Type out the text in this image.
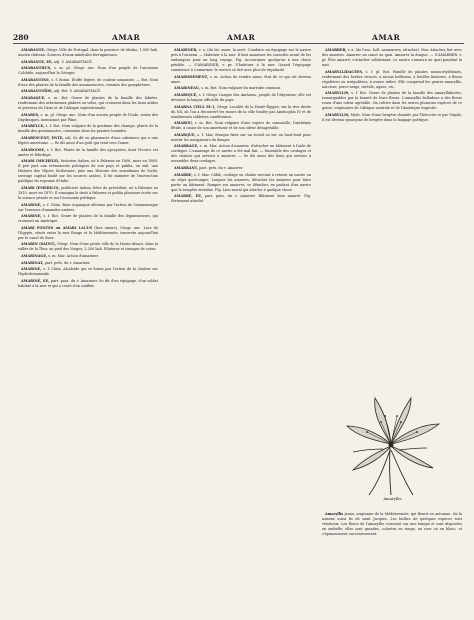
280	AMAR	AMAR	AMAR

AMARANTE. Géogr. Ville de Portugal, dans la province de Minho; 1.500 hab. Ancien château. Sources d'eaux minérales ferrugineuses.

AMARANTE, EE, adj. V. AMARANTACÉ.

AMARANTHUS, s. m. pl. Géogr. anc. Nom d'un peuple de l'ancienne Colchide, aujourd'hui la Géorgie.

AMARANTINE, s. f. Botan. Étoffe légère, de couleur amarante. — Bot. Nom d'une des plantes de la famille des amarantacées, voisines des gomphrènes.

AMARANTOÏDE, adj. Bot. V. AMARANTACÉ.

AMARAQUE, s. m. Bot. Genre de plantes de la famille des labiées, renfermant des arbrisseaux glabres ou velus, qui croissent dans les lieux arides et pierreux de l'Asie et de l'Afrique septentrionale.

AMARES, s. m. pl. Géogr. anc. Nom d'un ancien peuple de l'Inde, voisin des Oxydraques, mentionné par Pline.

AMARELLE, s. f. Bot. Nom vulgaire de la gentiane des champs, plante de la famille des gentianacées, commune dans les prairies humides.

AMARESCENT, ENTE, adj. Se dit en pharmacie d'une substance qui a une légère amertume. — Se dit aussi d'un goût qui tend vers l'amer.

AMARGOSE, s. f. Bot. Plante de la famille des apocynées, dont l'écorce est amère et fébrifuge.

AMARI (MICHELE), historien italien, né à Palerme en 1806, mort en 1889. Il prit part aux événements politiques de son pays et publia, en exil, une Histoire des Vêpres Siciliennes, puis une Histoire des musulmans de Sicile, ouvrage capital fondé sur les sources arabes. Il fut ministre de l'instruction publique du royaume d'Italie.

AMARI (EMERICO), publiciste italien, frère du précédent, né à Palerme en 1810, mort en 1870. Il enseigna le droit à Palerme et publia plusieurs écrits sur la science pénale et sur l'économie politique.

AMARINE, s. f. Chim. Base organique obtenue par l'action de l'ammoniaque sur l'essence d'amandes amères.

AMARINE, s. f. Bot. Genre de plantes de la famille des légumineuses, qui croissent en Amérique.

AMARI FONTES ou AMARI LACUS (lacs amers), Géogr. anc. Lacs de l'Égypte, situés entre la mer Rouge et la Méditerranée, traversés aujourd'hui par le canal de Suez.

AMARIN (SAINT), Géogr. Nom d'une petite ville de la Haute-Alsace, dans la vallée de la Thur, au pied des Vosges; 2.200 hab. Filatures et tissages de coton.

AMARINAGE, s. m. Mar. Action d'amariner.

AMARINAT, part. prés. du v. Amariner.

AMARINE, s. f. Chim. Alcaloïde qui se forme par l'action de la chaleur sur l'hydrobenzamide.

AMARINÉ, EE, part. pass. du v. Amariner. Se dit d'un équipage, d'un soldat habitué à la mer et qui a cessé d'en souffrir.

AMARINER, v. a. (du lat. mare, la mer). Conduire un équipage sur le navire pris à l'ennemi. — Habituer à la mer. Il faut amariner les conscrits avant de les embarquer pour un long voyage. Fig. Accoutumer quelqu'un à une chose pénible. — S'AMARINER, v. pr. S'habituer à la mer. Quand l'équipage commence à s'amariner, le service se fait avec plus de régularité.

AMARISSEMENT, s. m. Action de rendre amer; état de ce qui est devenu amer.

AMARINEAU, s. m. Bot. Nom vulgaire du marrube commun.

AMARIQUE, s. f. Géogr. Langue des Amharas, peuple de l'Abyssinie; elle est devenue la langue officielle du pays.

AMARNA (TELL EL-), Géogr. Localité de la Haute-Égypte, sur la rive droite du Nil, où l'on a découvert les ruines de la ville fondée par Aménophis IV et de nombreuses tablettes cunéiformes.

AMAROU, s. m. Bot. Nom vulgaire d'une espèce de camomille, l'anthémis fétide, à cause de son amertume et de son odeur désagréable.

AMARQUE, s. f. Mar. Marque fixée sur un écueil ou sur un haut-fond pour avertir les navigateurs du danger.

AMARRAGE, s. m. Mar. Action d'amarrer, d'attacher un bâtiment à l'aide de cordages. L'amarrage de ce navire a été mal fait. — Ensemble des cordages et des chaînes qui servent à amarrer. — Se dit aussi des liens qui servent à assembler deux cordages.

AMARRANT, part. prés. du v. Amarrer.

AMARRE, s. f. Mar. Câble, cordage ou chaîne servant à retenir un navire ou un objet quelconque. Larguer les amarres, détacher les amarres pour faire partir un bâtiment. Rompre ses amarres, se détacher, en parlant d'un navire que la tempête entraîne. Fig. Lien moral qui attache à quelque chose.

AMARRÉ, EE, part. pass. du v. Amarrer. Bâtiment bien amarré. Fig. Fortement attaché.

AMARRER, v. a. (de l'anc. holl. aanmarren, attacher). Mar. Attacher, lier avec des amarres. Amarrer un canot au quai. Amarrer la drague. — S'AMARRER, v. pr. Être amarré; s'attacher solidement. Le navire s'amarra au quai pendant la nuit.

AMARYLLIDACÉES, s. f. pl. Bot. Famille de plantes monocotylédones, renfermant des herbes vivaces, à racine bulbeuse, à feuilles linéaires, à fleurs régulières ou irrégulières, à ovaire infère. Elle comprend les genres amaryllis, narcisse, perce-neige, nivéole, agave, etc.

AMARYLLIS, s. f. Bot. Genre de plantes de la famille des amaryllidacées, remarquables par la beauté de leurs fleurs. L'amaryllis belladone a des fleurs roses d'une odeur agréable. On cultive dans les serres plusieurs espèces de ce genre, originaires de l'Afrique australe et de l'Amérique tropicale.

AMARYLLIS, Myth. Nom d'une bergère chantée par Théocrite et par Virgile; il est devenu synonyme de bergère dans le langage poétique.

Amaryllis.

Amaryllis jaune, originaire de la Méditerranée, qui fleurit en automne. On la nomme aussi lis de saint Jacques. Les bulbes de quelques espèces sont vénéneux. Les fleurs de l'amaryllis croissent sur une hampe et sont disposées en ombelle; elles sont grandes, colorées en rouge, en rose ou en blanc, et s'épanouissent successivement.
